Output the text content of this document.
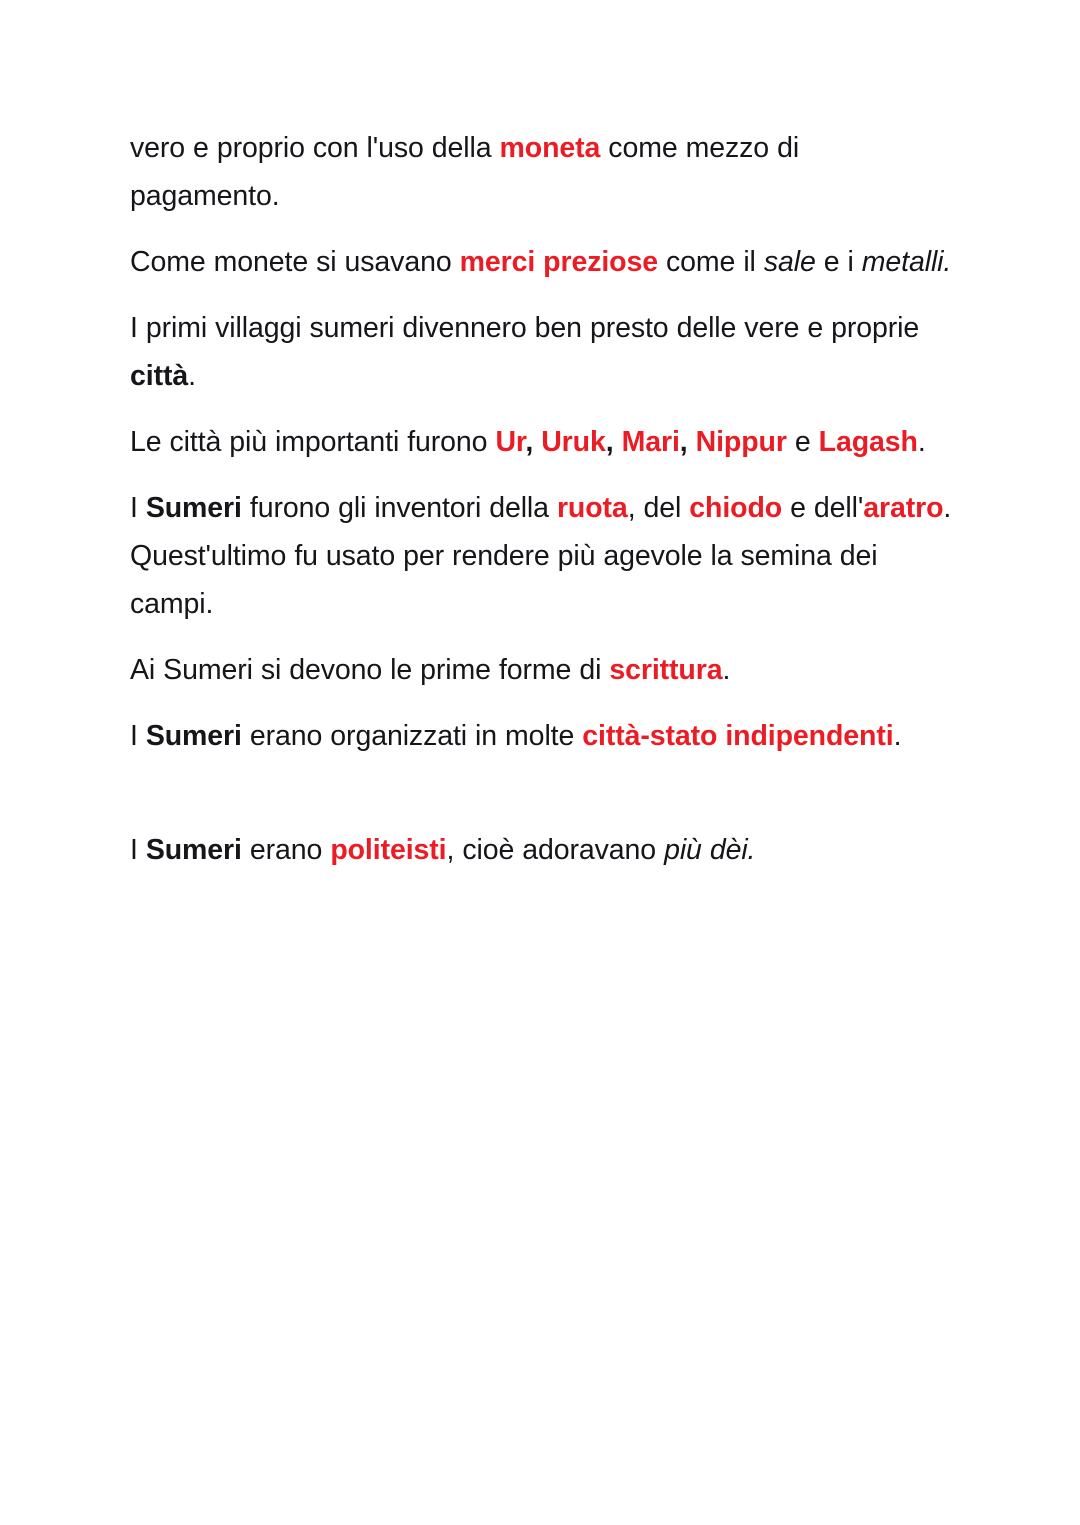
vero e proprio con l'uso della moneta come mezzo di pagamento.

Come monete si usavano merci preziose come il sale e i metalli.

I primi villaggi sumeri divennero ben presto delle vere e proprie città.

Le città più importanti furono Ur, Uruk, Mari, Nippur e Lagash.

I Sumeri furono gli inventori della ruota, del chiodo e dell'aratro. Quest'ultimo fu usato per rendere più agevole la semina dei campi.

Ai Sumeri si devono le prime forme di scrittura.

I Sumeri erano organizzati in molte città-stato indipendenti.

I Sumeri erano politeisti, cioè adoravano più dèi.
